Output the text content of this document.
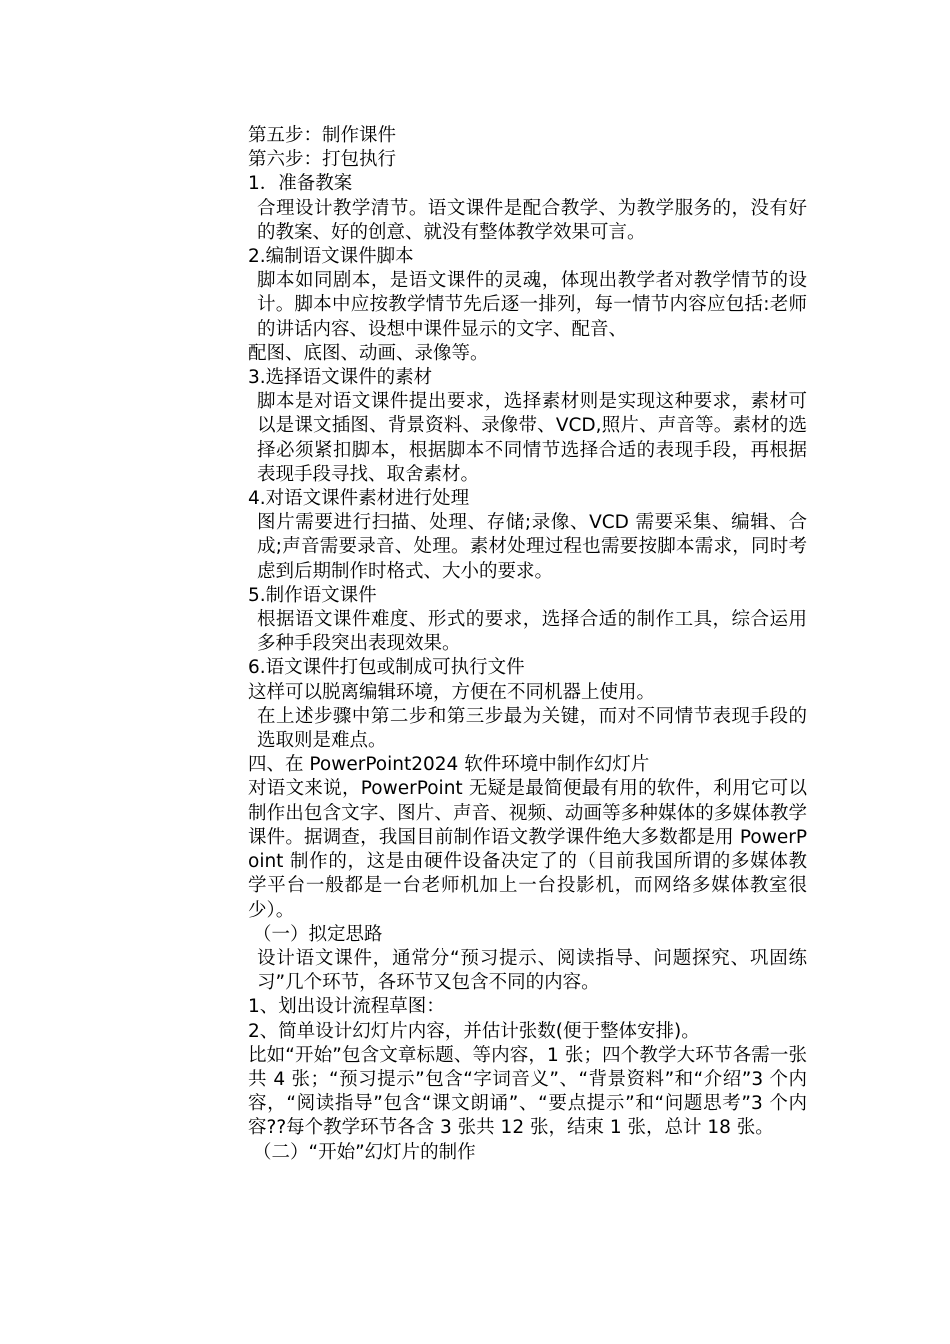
第五步：制作课件

第六步：打包执行

1．准备教案

合理设计教学清节。语文课件是配合教学、为教学服务的，没有好的教案、好的创意、就没有整体教学效果可言。

2.编制语文课件脚本

脚本如同剧本，是语文课件的灵魂，体现出教学者对教学情节的设计。脚本中应按教学情节先后逐一排列，每一情节内容应包括:老师的讲话内容、设想中课件显示的文字、配音、

配图、底图、动画、录像等。

3.选择语文课件的素材

脚本是对语文课件提出要求，选择素材则是实现这种要求，素材可以是课文插图、背景资料、录像带、VCD,照片、声音等。素材的选择必须紧扣脚本，根据脚本不同情节选择合适的表现手段，再根据表现手段寻找、取舍素材。

4.对语文课件素材进行处理

图片需要进行扫描、处理、存储;录像、VCD 需要采集、编辑、合成;声音需要录音、处理。素材处理过程也需要按脚本需求，同时考虑到后期制作时格式、大小的要求。

5.制作语文课件

根据语文课件难度、形式的要求，选择合适的制作工具，综合运用多种手段突出表现效果。

6.语文课件打包或制成可执行文件

这样可以脱离编辑环境，方便在不同机器上使用。

在上述步骤中第二步和第三步最为关键，而对不同情节表现手段的选取则是难点。

四、在 PowerPoint2024 软件环境中制作幻灯片

对语文来说，PowerPoint 无疑是最简便最有用的软件，利用它可以制作出包含文字、图片、声音、视频、动画等多种媒体的多媒体教学课件。据调查，我国目前制作语文教学课件绝大多数都是用 PowerPoint 制作的，这是由硬件设备决定了的（目前我国所谓的多媒体教学平台一般都是一台老师机加上一台投影机，而网络多媒体教室很少）。

（一）拟定思路

设计语文课件，通常分“预习提示、阅读指导、问题探究、巩固练习”几个环节，各环节又包含不同的内容。

1、划出设计流程草图：

2、简单设计幻灯片内容，并估计张数(便于整体安排)。

比如“开始”包含文章标题、等内容，1 张；四个教学大环节各需一张共 4 张；“预习提示”包含“字词音义”、“背景资料”和“介绍”3 个内容，“阅读指导”包含“课文朗诵”、“要点提示”和“问题思考”3 个内容??每个教学环节各含 3 张共 12 张，结束 1 张，总计 18 张。

（二）“开始”幻灯片的制作
